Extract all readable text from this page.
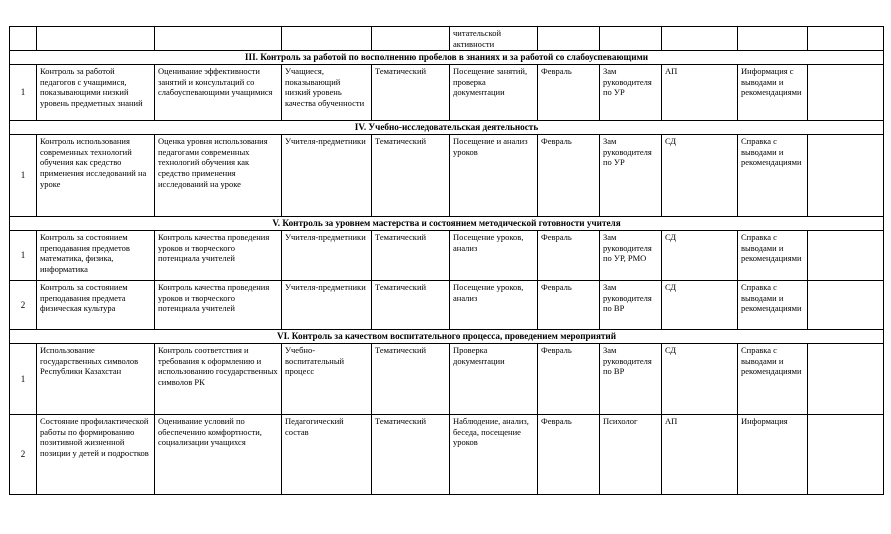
					читательской активности					
III. Контроль за работой по восполнению пробелов в знаниях и за работой со слабоуспевающими										
1	Контроль за работой педагогов с учащимися, показывающими низкий уровень предметных знаний	Оценивание эффективности занятий и консультаций со слабоуспевающими учащимися	Учащиеся, показывающий низкий уровень качества обученности	Тематический	Посещение занятий, проверка документации	Февраль	Зам руководителя по УР	АП	Информация с выводами и рекомендациями	
IV. Учебно-исследовательская деятельность										
1	Контроль использования современных технологий обучения как средство применения исследований на уроке	Оценка уровня использования педагогами современных технологий обучения как средство применения исследований на уроке	Учителя-предметники	Тематический	Посещение и анализ уроков	Февраль	Зам руководителя по УР	СД	Справка с выводами и рекомендациями	
V. Контроль за уровнем мастерства и состоянием методической готовности учителя										
1	Контроль за состоянием преподавания предметов математика, физика, информатика	Контроль качества проведения уроков и творческого потенциала учителей	Учителя-предметники	Тематический	Посещение уроков, анализ	Февраль	Зам руководителя по УР, РМО	СД	Справка с выводами и рекомендациями	
2	Контроль за состоянием преподавания предмета физическая культура	Контроль качества проведения уроков и творческого потенциала учителей	Учителя-предметники	Тематический	Посещение уроков, анализ	Февраль	Зам руководителя по ВР	СД	Справка с выводами и рекомендациями	
VI. Контроль за качеством воспитательного процесса, проведением мероприятий										
1	Использование государственных символов Республики Казахстан	Контроль соответствия и требования к оформлению и использованию государственных символов РК	Учебно-воспитательный процесс	Тематический	Проверка документации	Февраль	Зам руководителя по ВР	СД	Справка с выводами и рекомендациями	
2	Состояние профилактической работы по формированию позитивной жизненной позиции у детей и подростков	Оценивание условий по обеспечению комфортности, социализации учащихся	Педагогический состав	Тематический	Наблюдение, анализ, беседа, посещение уроков	Февраль	Психолог	АП	Информация	
